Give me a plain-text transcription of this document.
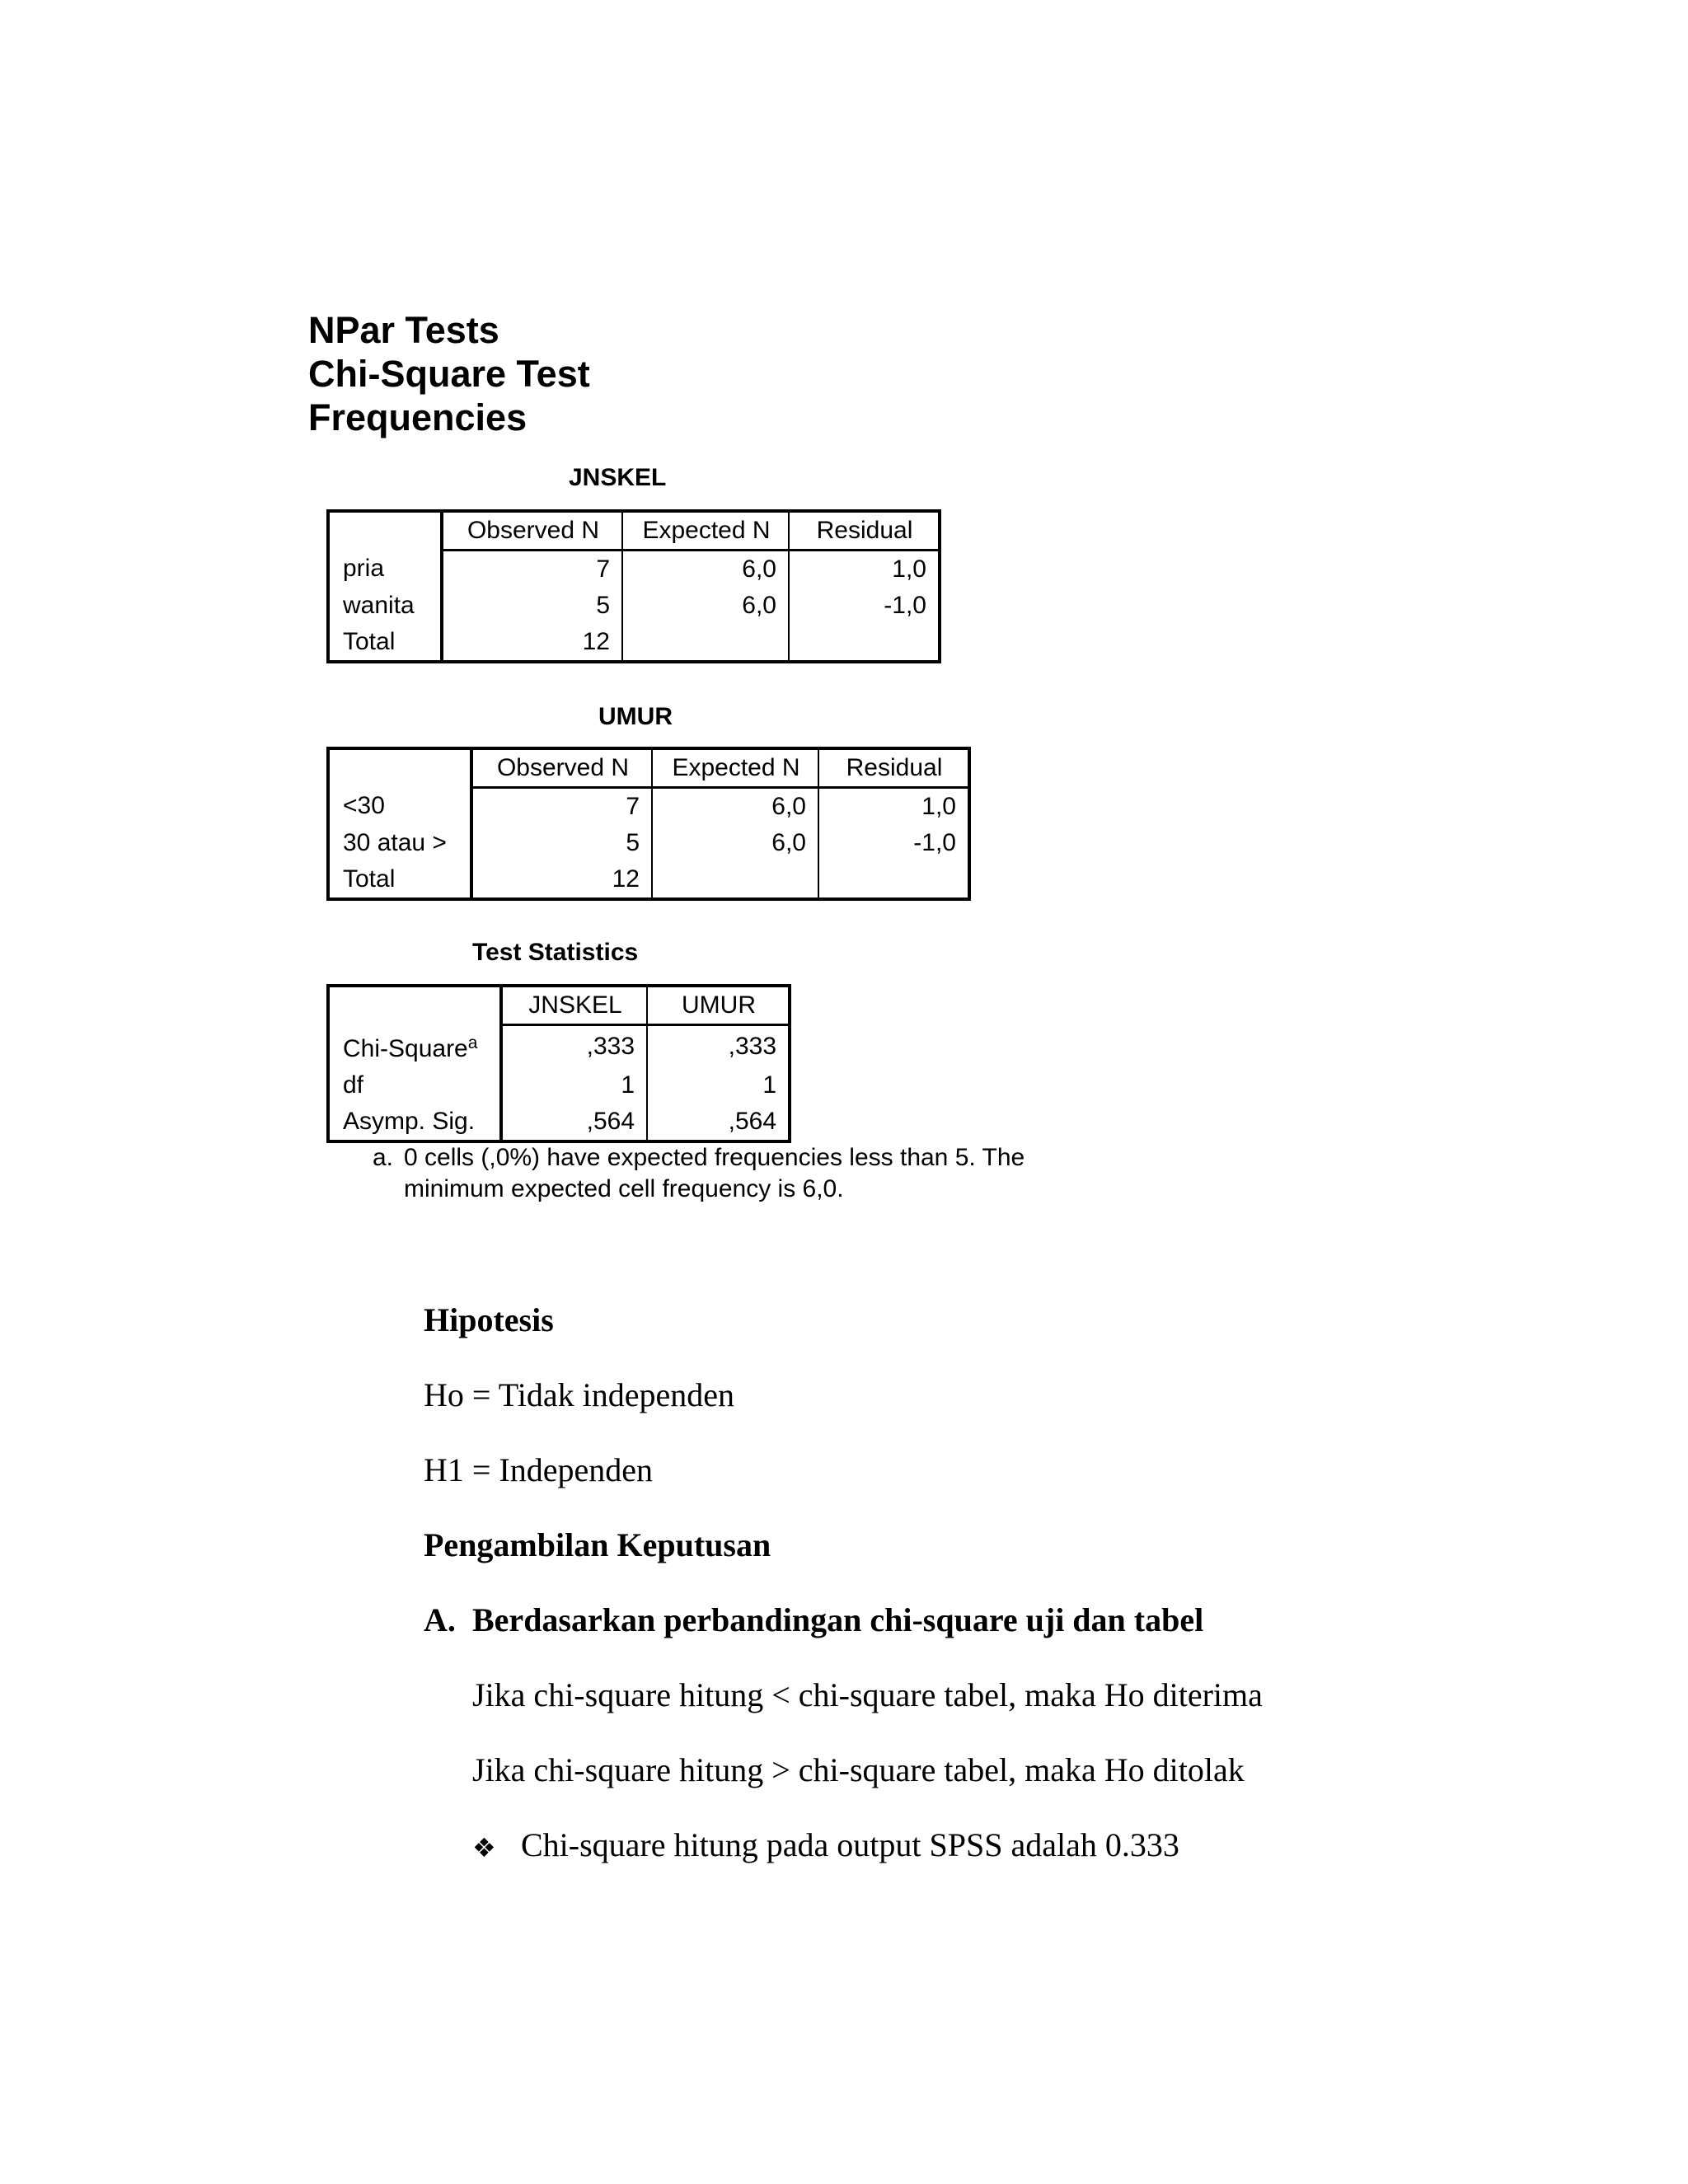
NPar Tests
Chi-Square Test
Frequencies
JNSKEL
	Observed N	Expected N	Residual
pria	7	6,0	1,0
wanita	5	6,0	-1,0
Total	12		
UMUR
	Observed N	Expected N	Residual
<30	7	6,0	1,0
30 atau >	5	6,0	-1,0
Total	12		
Test Statistics
	JNSKEL	UMUR
Chi-Square$^a$	,333	,333
df	1	1
Asymp. Sig.	,564	,564
a. 0 cells (,0%) have expected frequencies less than 5. The minimum expected cell frequency is 6,0.
Hipotesis
Ho = Tidak independen
H1 = Independen
Pengambilan Keputusan
A. Berdasarkan perbandingan chi-square uji dan tabel
Jika chi-square hitung < chi-square tabel, maka Ho diterima
Jika chi-square hitung > chi-square tabel, maka Ho ditolak
❖ Chi-square hitung pada output SPSS adalah 0.333
